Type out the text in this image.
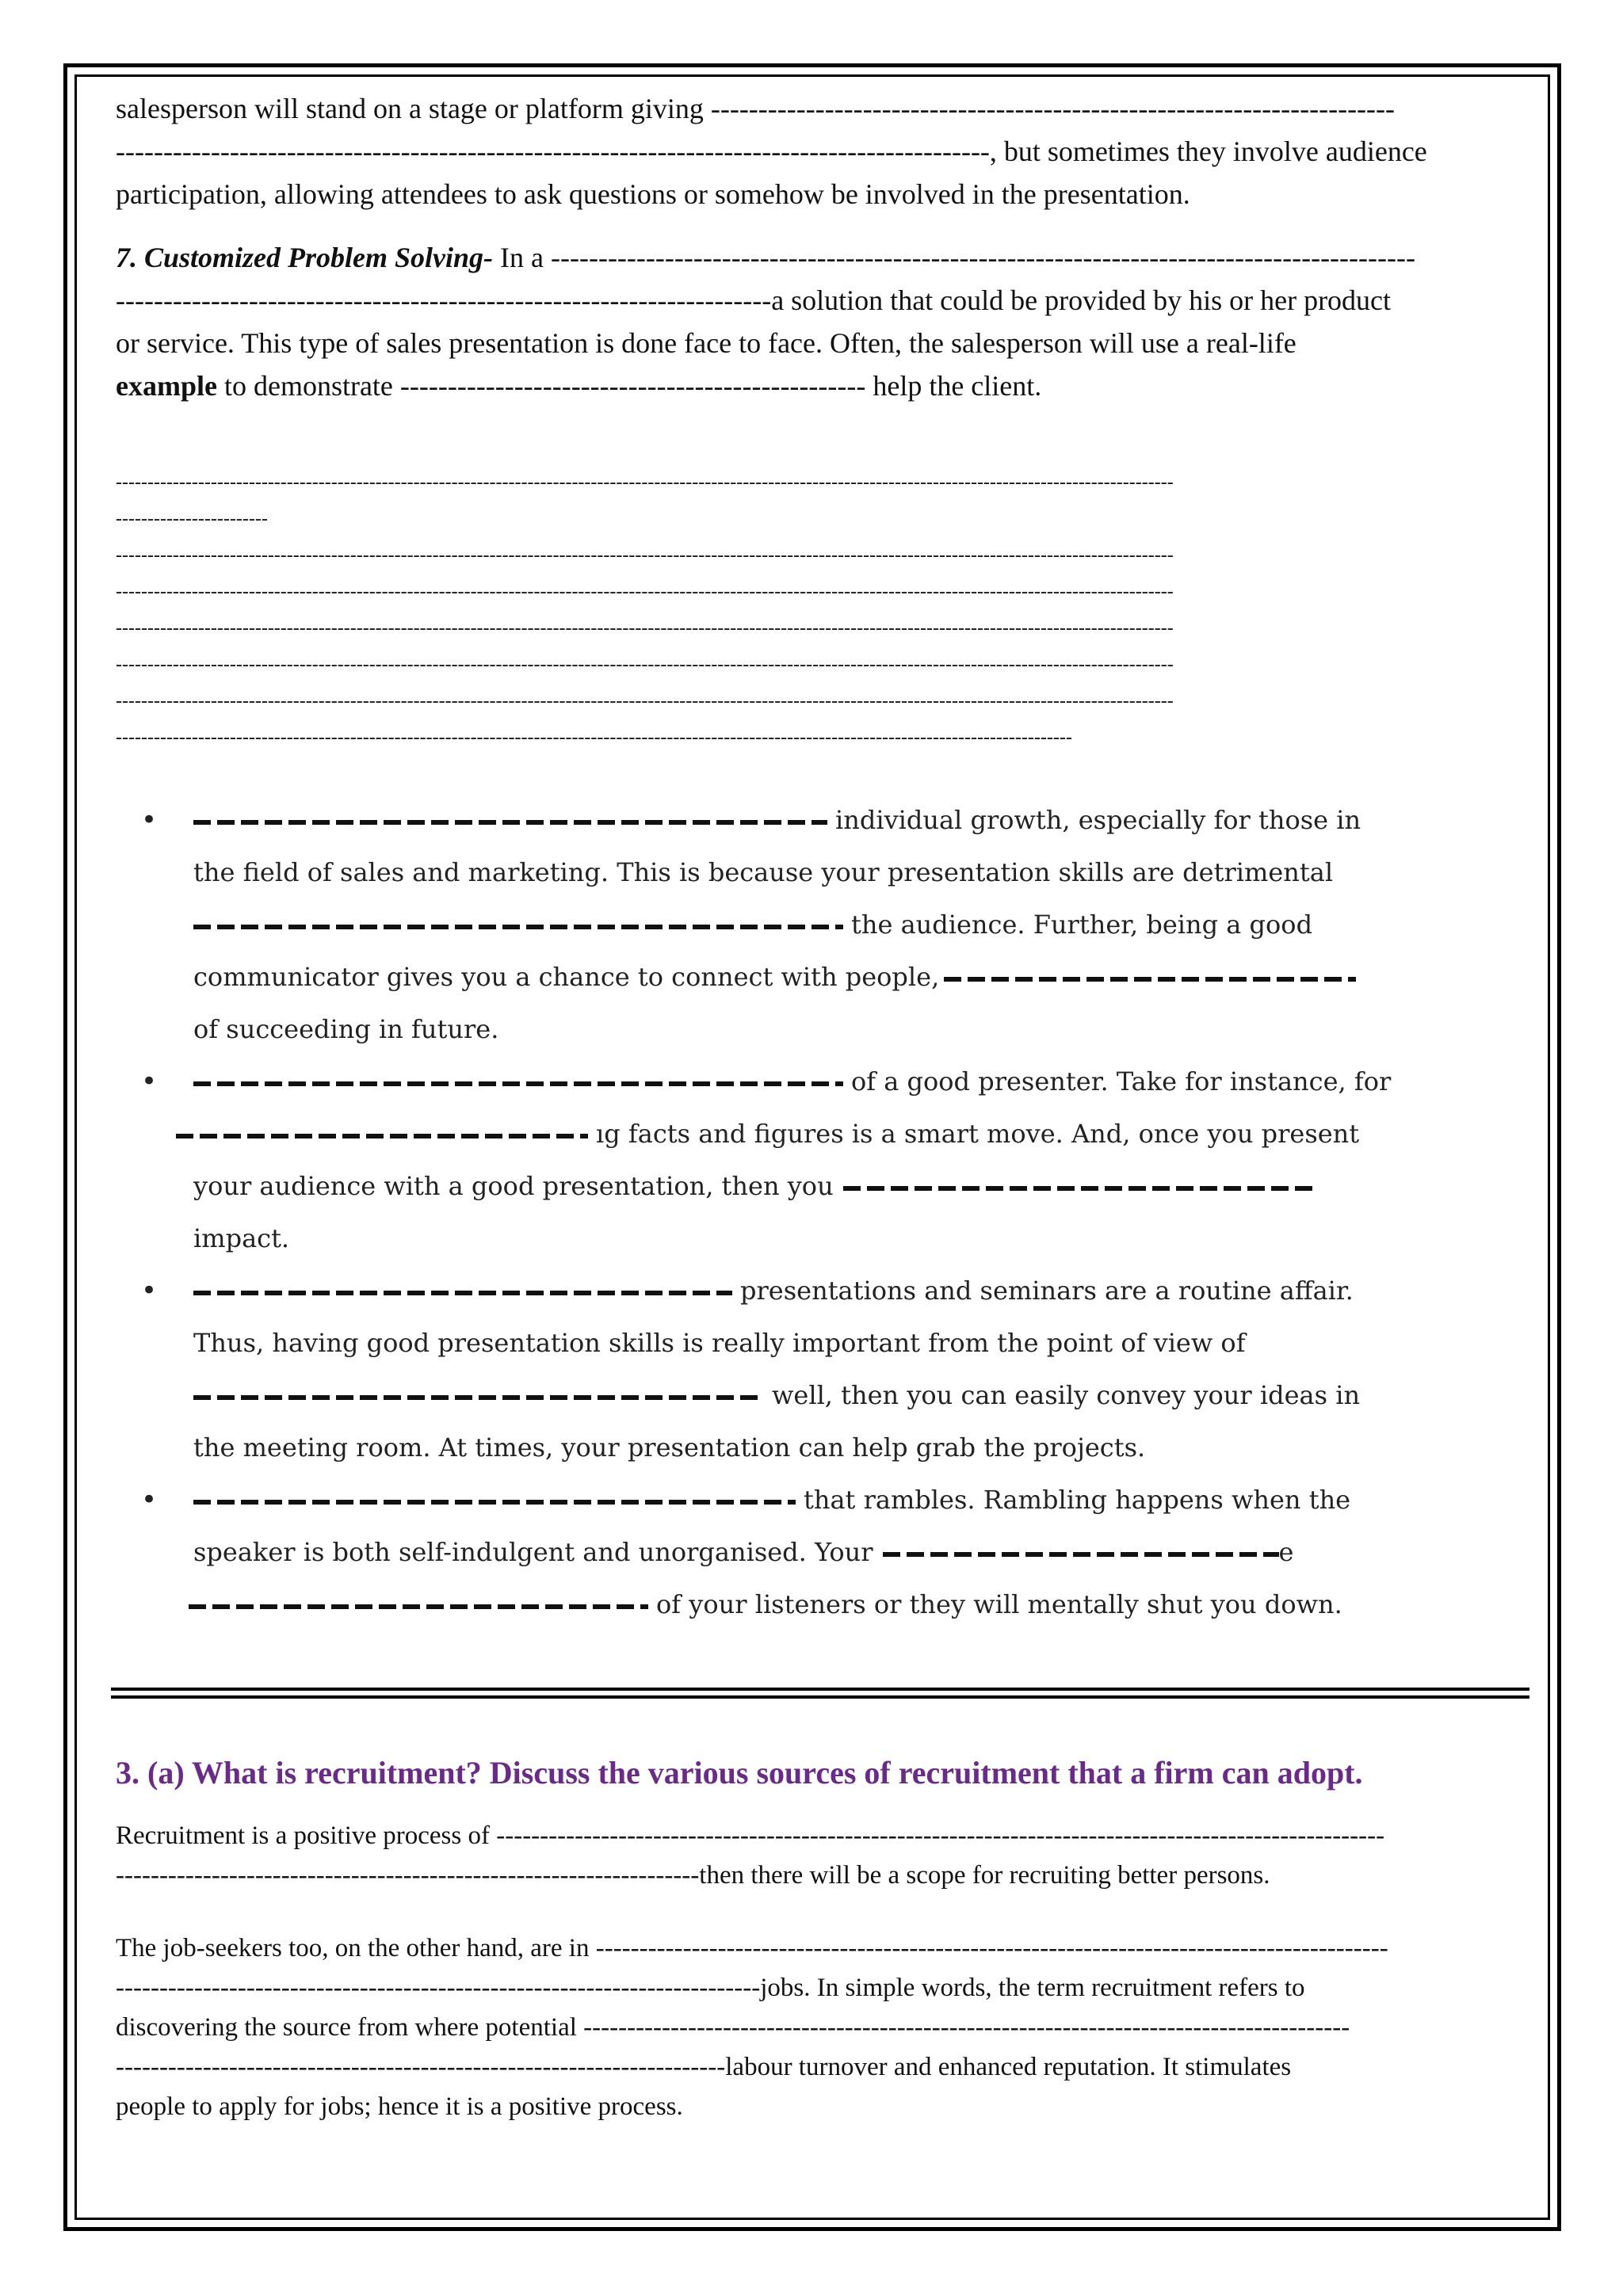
salesperson will stand on a stage or platform giving ------------------------------------------------------------------------
--------------------------------------------------------------------------------------------, but sometimes they involve audience
participation, allowing attendees to ask questions or somehow be involved in the presentation.

7. Customized Problem Solving- In a -------------------------------------------------------------------------------------------
---------------------------------------------------------------------a solution that could be provided by his or her product
or service. This type of sales presentation is done face to face. Often, the salesperson will use a real-life
example to demonstrate ------------------------------------------------- help the client.

-----------------------------------------------------------------------------------------------------------------------------------------------------------------------
------------------------
-----------------------------------------------------------------------------------------------------------------------------------------------------------------------
-----------------------------------------------------------------------------------------------------------------------------------------------------------------------
-----------------------------------------------------------------------------------------------------------------------------------------------------------------------
-----------------------------------------------------------------------------------------------------------------------------------------------------------------------
-----------------------------------------------------------------------------------------------------------------------------------------------------------------------
-------------------------------------------------------------------------------------------------------------------------------------------------------
•	individual growth, especially for those in
the field of sales and marketing. This is because your presentation skills are detrimental
the audience. Further, being a good
communicator gives you a chance to connect with people,
of succeeding in future.
•	of a good presenter. Take for instance, for
ıg facts and figures is a smart move. And, once you present
your audience with a good presentation, then you
impact.
•	presentations and seminars are a routine affair.
Thus, having good presentation skills is really important from the point of view of
well, then you can easily convey your ideas in
the meeting room. At times, your presentation can help grab the projects.
•	that rambles. Rambling happens when the
speaker is both self-indulgent and unorganised. Your	e
of your listeners or they will mentally shut you down.

3. (a) What is recruitment? Discuss the various sources of recruitment that a firm can adopt.

Recruitment is a positive process of ------------------------------------------------------------------------------------------------------
-------------------------------------------------------------------then there will be a scope for recruiting better persons.

The job-seekers too, on the other hand, are in -------------------------------------------------------------------------------------------
--------------------------------------------------------------------------jobs. In simple words, the term recruitment refers to
discovering the source from where potential ----------------------------------------------------------------------------------------
----------------------------------------------------------------------labour turnover and enhanced reputation. It stimulates
people to apply for jobs; hence it is a positive process.
